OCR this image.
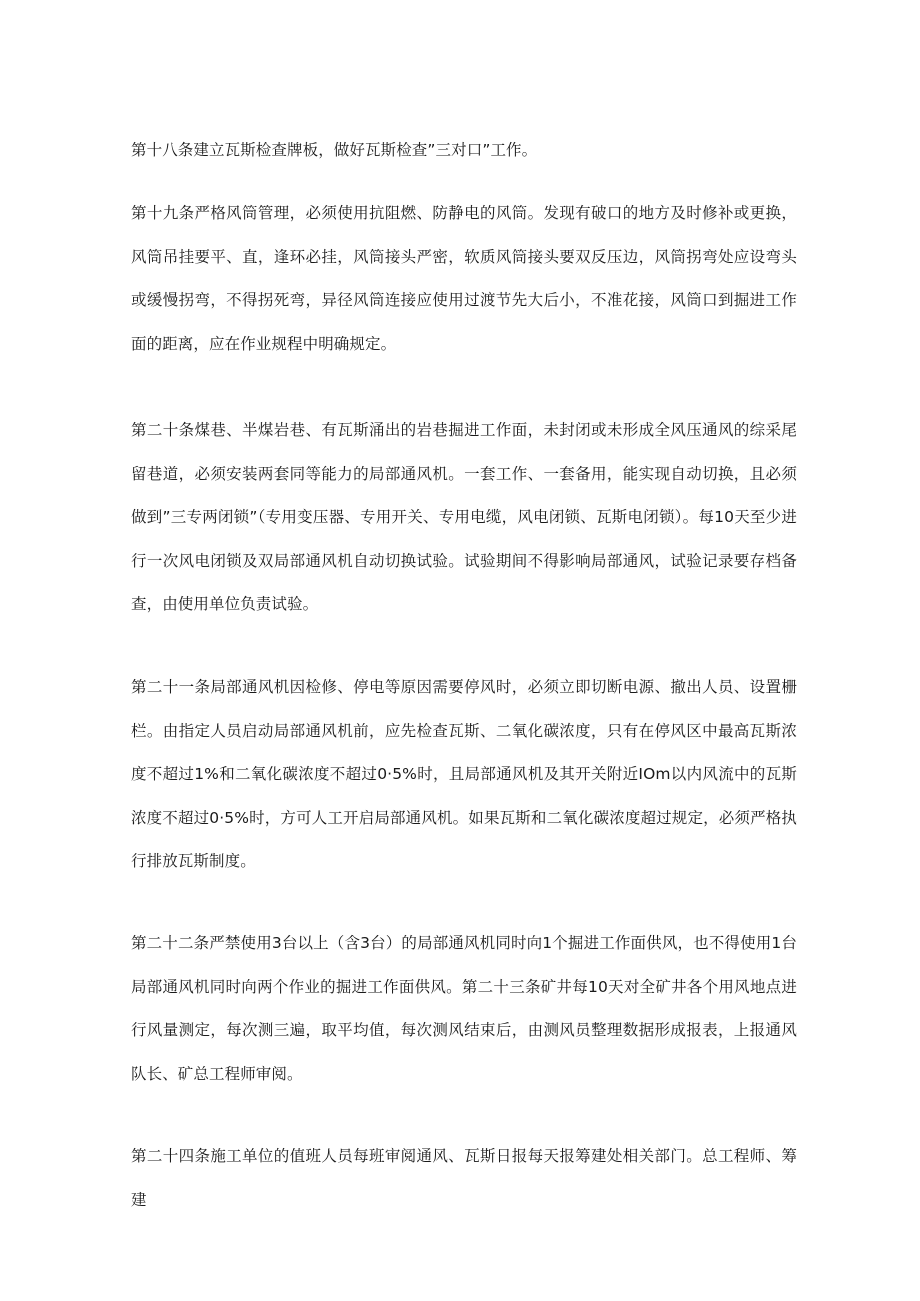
第十八条建立瓦斯检查牌板，做好瓦斯检查”三对口”工作。

第十九条严格风筒管理，必须使用抗阻燃、防静电的风筒。发现有破口的地方及时修补或更换，风筒吊挂要平、直，逢环必挂，风筒接头严密，软质风筒接头要双反压边，风筒拐弯处应设弯头或缓慢拐弯，不得拐死弯，异径风筒连接应使用过渡节先大后小，不准花接，风筒口到掘进工作面的距离，应在作业规程中明确规定。

第二十条煤巷、半煤岩巷、有瓦斯涌出的岩巷掘进工作面，未封闭或未形成全风压通风的综采尾留巷道，必须安装两套同等能力的局部通风机。一套工作、一套备用，能实现自动切换，且必须做到”三专两闭锁”（专用变压器、专用开关、专用电缆，风电闭锁、瓦斯电闭锁）。每10天至少进行一次风电闭锁及双局部通风机自动切换试验。试验期间不得影响局部通风，试验记录要存档备查，由使用单位负责试验。

第二十一条局部通风机因检修、停电等原因需要停风时，必须立即切断电源、撤出人员、设置栅栏。由指定人员启动局部通风机前，应先检查瓦斯、二氧化碳浓度，只有在停风区中最高瓦斯浓度不超过1%和二氧化碳浓度不超过0·5%时，且局部通风机及其开关附近IOm以内风流中的瓦斯浓度不超过0·5%时，方可人工开启局部通风机。如果瓦斯和二氧化碳浓度超过规定，必须严格执行排放瓦斯制度。

第二十二条严禁使用3台以上（含3台）的局部通风机同时向1个掘进工作面供风，也不得使用1台局部通风机同时向两个作业的掘进工作面供风。第二十三条矿井每10天对全矿井各个用风地点进行风量测定，每次测三遍，取平均值，每次测风结束后，由测风员整理数据形成报表，上报通风队长、矿总工程师审阅。

第二十四条施工单位的值班人员每班审阅通风、瓦斯日报每天报筹建处相关部门。总工程师、筹建
